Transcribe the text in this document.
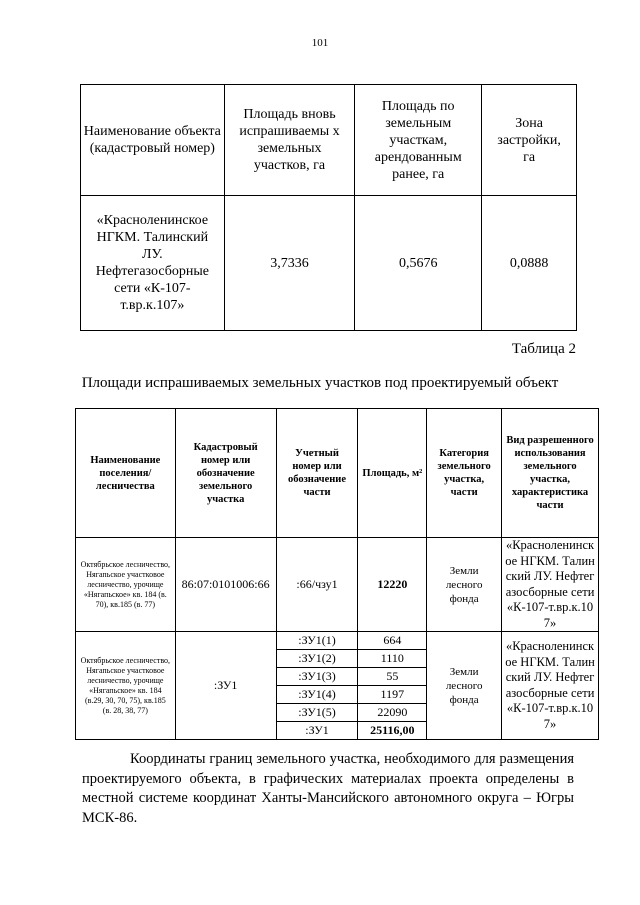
101
Наименование объекта (кадастровый номер)	Площадь вновь испрашиваемы х земельных участков, га	Площадь по земельным участкам, арендованным ранее, га	Зона застройки, га
«Красноленинское НГКМ. Талинский ЛУ. Нефтегазосборные сети «К-107-т.вр.к.107»	3,7336	0,5676	0,0888
Таблица 2
Площади испрашиваемых земельных участков под проектируемый объект
Наименование поселения/ лесничества	Кадастровый номер или обозначение земельного участка	Учетный номер или обозначение части	Площадь, м²	Категория земельного участка, части	Вид разрешенного использования земельного участка, характеристика части
Октябрьское лесничество, Нягапьское участковое лесничество, урочище «Нягапьское» кв. 184 (в. 70), кв.185 (в. 77)	86:07:0101006:66	:66/чзу1	12220	Земли лесного фонда	«Красноленинское НГКМ. Талинский ЛУ. Нефтегазосборные сети «К-107-т.вр.к.107»
Октябрьское лесничество, Нягапьское участковое лесничество, урочище «Нягапьское» кв. 184 (в.29, 30, 70, 75), кв.185 (в. 28, 38, 77)	:ЗУ1	:ЗУ1(1)	664	Земли лесного фонда	«Красноленинское НГКМ. Талинский ЛУ. Нефтегазосборные сети «К-107-т.вр.к.107»
		:ЗУ1(2)	1110		
		:ЗУ1(3)	55		
		:ЗУ1(4)	1197		
		:ЗУ1(5)	22090		
		:ЗУ1	25116,00		
Координаты границ земельного участка, необходимого для размещения проектируемого объекта, в графических материалах проекта определены в местной системе координат Ханты-Мансийского автономного округа – Югры МСК-86.
